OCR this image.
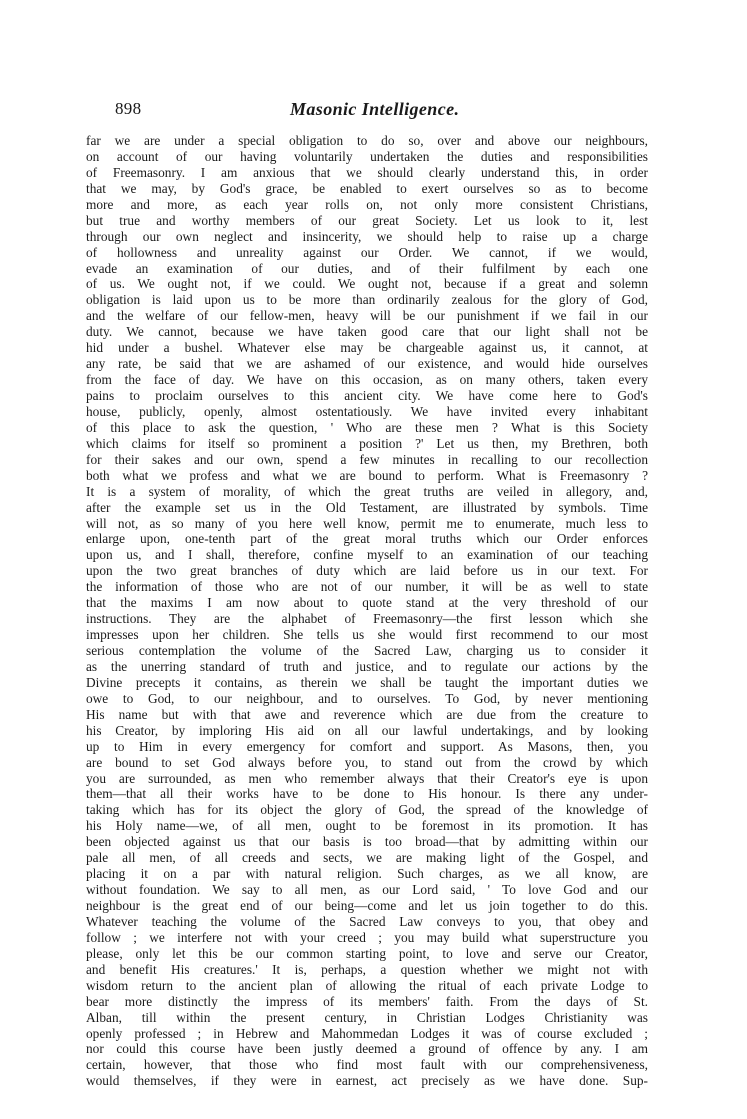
898	Masonic Intelligence.
far we are under a special obligation to do so, over and above our neighbours,
on account of our having voluntarily undertaken the duties and responsibilities
of Freemasonry. I am anxious that we should clearly understand this, in order
that we may, by God's grace, be enabled to exert ourselves so as to become
more and more, as each year rolls on, not only more consistent Christians,
but true and worthy members of our great Society. Let us look to it, lest
through our own neglect and insincerity, we should help to raise up a charge
of hollowness and unreality against our Order. We cannot, if we would,
evade an examination of our duties, and of their fulfilment by each one
of us. We ought not, if we could. We ought not, because if a great and solemn
obligation is laid upon us to be more than ordinarily zealous for the glory of God,
and the welfare of our fellow-men, heavy will be our punishment if we fail in our
duty. We cannot, because we have taken good care that our light shall not be
hid under a bushel. Whatever else may be chargeable against us, it cannot, at
any rate, be said that we are ashamed of our existence, and would hide ourselves
from the face of day. We have on this occasion, as on many others, taken every
pains to proclaim ourselves to this ancient city. We have come here to God's
house, publicly, openly, almost ostentatiously. We have invited every inhabitant
of this place to ask the question, ' Who are these men ? What is this Society
which claims for itself so prominent a position ?' Let us then, my Brethren, both
for their sakes and our own, spend a few minutes in recalling to our recollection
both what we profess and what we are bound to perform. What is Freemasonry ?
It is a system of morality, of which the great truths are veiled in allegory, and,
after the example set us in the Old Testament, are illustrated by symbols. Time
will not, as so many of you here well know, permit me to enumerate, much less to
enlarge upon, one-tenth part of the great moral truths which our Order enforces
upon us, and I shall, therefore, confine myself to an examination of our teaching
upon the two great branches of duty which are laid before us in our text. For
the information of those who are not of our number, it will be as well to state
that the maxims I am now about to quote stand at the very threshold of our
instructions. They are the alphabet of Freemasonry—the first lesson which she
impresses upon her children. She tells us she would first recommend to our most
serious contemplation the volume of the Sacred Law, charging us to consider it
as the unerring standard of truth and justice, and to regulate our actions by the
Divine precepts it contains, as therein we shall be taught the important duties we
owe to God, to our neighbour, and to ourselves. To God, by never mentioning
His name but with that awe and reverence which are due from the creature to
his Creator, by imploring His aid on all our lawful undertakings, and by looking
up to Him in every emergency for comfort and support. As Masons, then, you
are bound to set God always before you, to stand out from the crowd by which
you are surrounded, as men who remember always that their Creator's eye is upon
them—that all their works have to be done to His honour. Is there any under-
taking which has for its object the glory of God, the spread of the knowledge of
his Holy name—we, of all men, ought to be foremost in its promotion. It has
been objected against us that our basis is too broad—that by admitting within our
pale all men, of all creeds and sects, we are making light of the Gospel, and
placing it on a par with natural religion. Such charges, as we all know, are
without foundation. We say to all men, as our Lord said, ' To love God and our
neighbour is the great end of our being—come and let us join together to do this.
Whatever teaching the volume of the Sacred Law conveys to you, that obey and
follow ; we interfere not with your creed ; you may build what superstructure you
please, only let this be our common starting point, to love and serve our Creator,
and benefit His creatures.' It is, perhaps, a question whether we might not with
wisdom return to the ancient plan of allowing the ritual of each private Lodge to
bear more distinctly the impress of its members' faith. From the days of St.
Alban, till within the present century, in Christian Lodges Christianity was
openly professed ; in Hebrew and Mahommedan Lodges it was of course excluded ;
nor could this course have been justly deemed a ground of offence by any. I am
certain, however, that those who find most fault with our comprehensiveness,
would themselves, if they were in earnest, act precisely as we have done. Sup-
